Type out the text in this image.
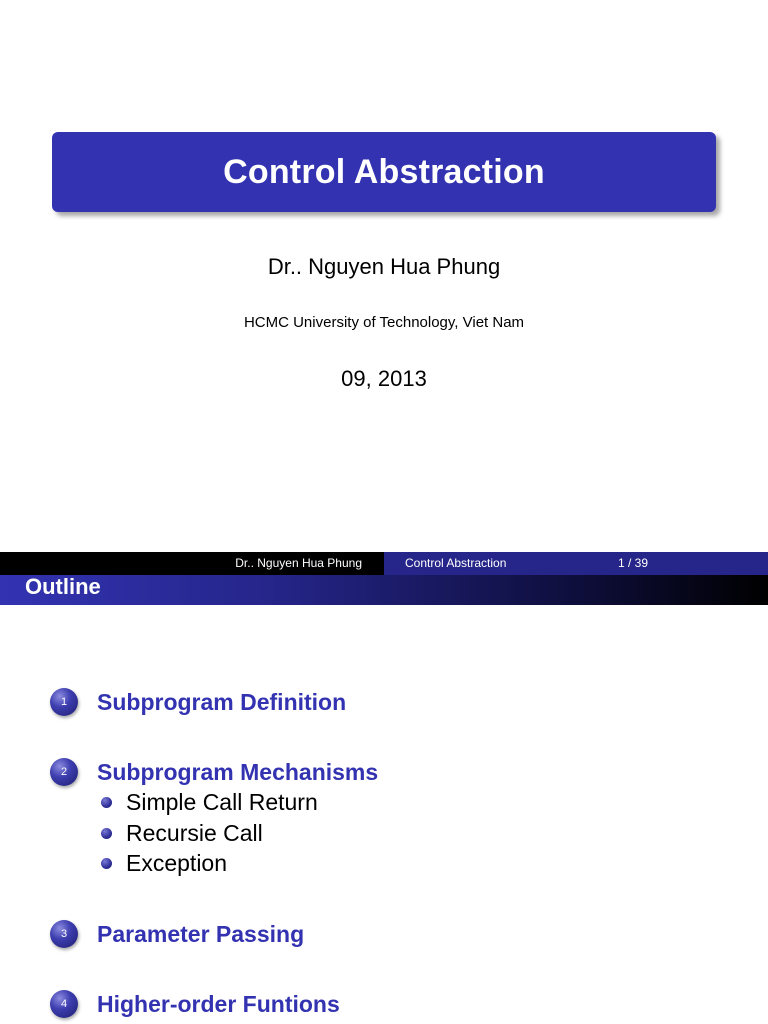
Control Abstraction
Dr.. Nguyen Hua Phung
HCMC University of Technology, Viet Nam
09, 2013
Dr.. Nguyen Hua Phung	Control Abstraction	1 / 39
Outline
1	Subprogram Definition
2	Subprogram Mechanisms
Simple Call Return
Recursie Call
Exception
3	Parameter Passing
4	Higher-order Funtions
